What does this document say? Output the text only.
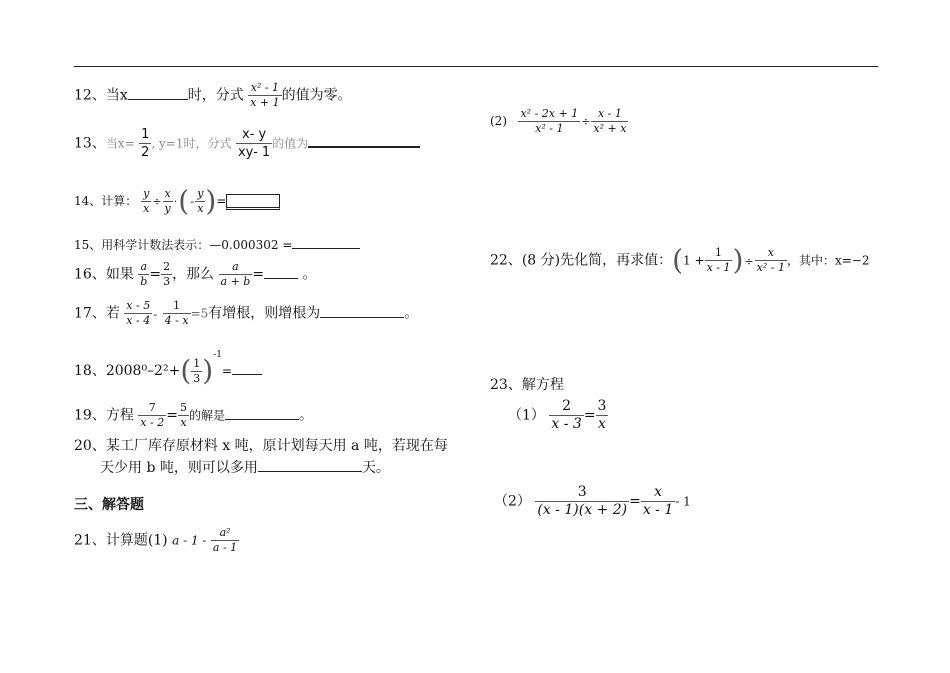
12、当x	时，分式 $\frac{\text{x² - 1}}{x + 1}$ 的值为零。
13、当$x= \frac{1}{2}$ , y=1时，分式 $\frac{x- y}{xy- 1}$ 的值为
14、计算： $\frac{y}{x} \div \frac{x}{y}$ ·(- $\frac{y}{x}$ )=
15、用科学计数法表示：—0.000302 =
16、如果 $\frac{a}{b} = \frac{2}{3}$ ，那么 $\frac{a}{a + b}$ =	。
17、若 $\frac{x - 5}{x - 4} - \frac{1}{4 - x} =5$有增根，则增根为	。
18、$2008^0-2^2+( \frac{1}{3} )^{-1}=$
19、方程 $\frac{7}{x - 2} = \frac{5}{x}$ 的解是	。
20、某工厂库存原材料 x 吨，原计划每天用 a 吨，若现在每
天少用 b 吨，则可以多用	天。
三、解答题
21、计算题(1) a - $1 - \frac{\text{a²}}{a - 1}$
$(2) \frac{\text{x² - 2x + 1}}{\text{x² - 1}} \div \frac{x - 1}{\text{x² + x}}$
22、(8 分)先化简，再求值：($1 + \frac{1}{x - 1}$ )÷ $\frac{x}{\text{x² - 1}}$ ，其中：x=−2
23、解方程
$(1) \frac{2}{x - 3} = \frac{3}{x}$
$(2) \frac{3}{(x - 1)(x + 2)} = \frac{x}{x - 1} - 1$
